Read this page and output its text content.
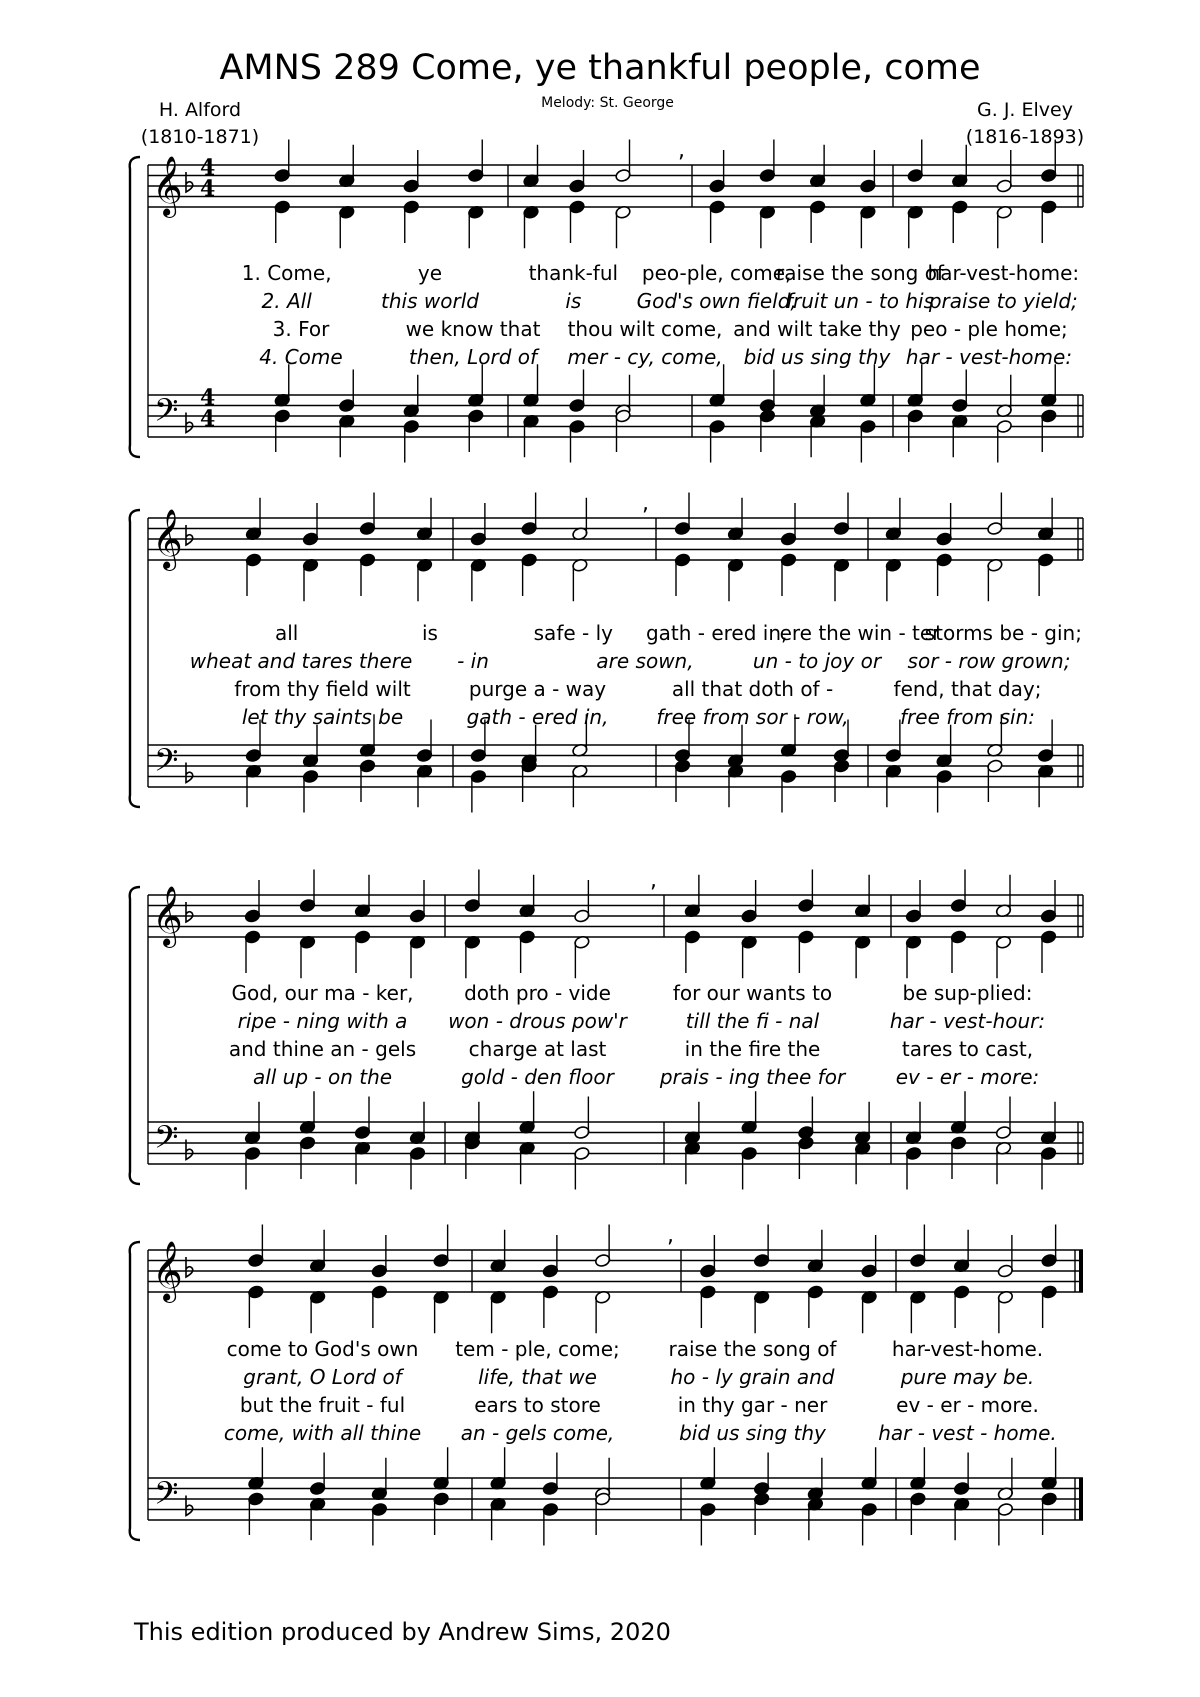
AMNS 289 Come, ye thankful people, come
Melody: St. George
H. Alford
(1810-1871)
G. J. Elvey
(1816-1893)
𝄞
𝄢
4
4
4
4
,
𝄞
𝄢
,
𝄞
𝄢
,
𝄞
𝄢
,
1. Come,	ye	thank-ful peo-ple, come,
raise the song of
har-vest-home:
2. All	this world	is	God's own field,
fruit un - to his
praise to yield;
3. For	we know that thou wilt come, and wilt take thy peo - ple home;
4. Come	then, Lord of mer - cy, come, bid us sing thy har - vest-home:
all	is	safe - ly gath - ered in,
ere the win - ter
storms be - gin;
wheat and tares there - in	are sown,	un - to joy or sor - row grown;
from thy field wilt	purge a - way	all that doth of -	fend, that day;
let thy saints be	gath - ered in, free from sor - row,	free from sin:
God, our ma - ker,	doth pro - vide	for our wants to	be sup-plied:
ripe - ning with a won - drous pow'r	till the fi - nal	har - vest-hour:
and thine an - gels	charge at last	in the fire the	tares to cast,
all up - on the	gold - den floor prais - ing thee for	ev - er - more:
come to God's own tem - ple, come; raise the song of	har-vest-home.
grant, O Lord of	life, that we	ho - ly grain and	pure may be.
but the fruit - ful	ears to store	in thy gar - ner	ev - er - more.
come, with all thine an - gels come,	bid us sing thy	har - vest - home.
This edition produced by Andrew Sims, 2020
